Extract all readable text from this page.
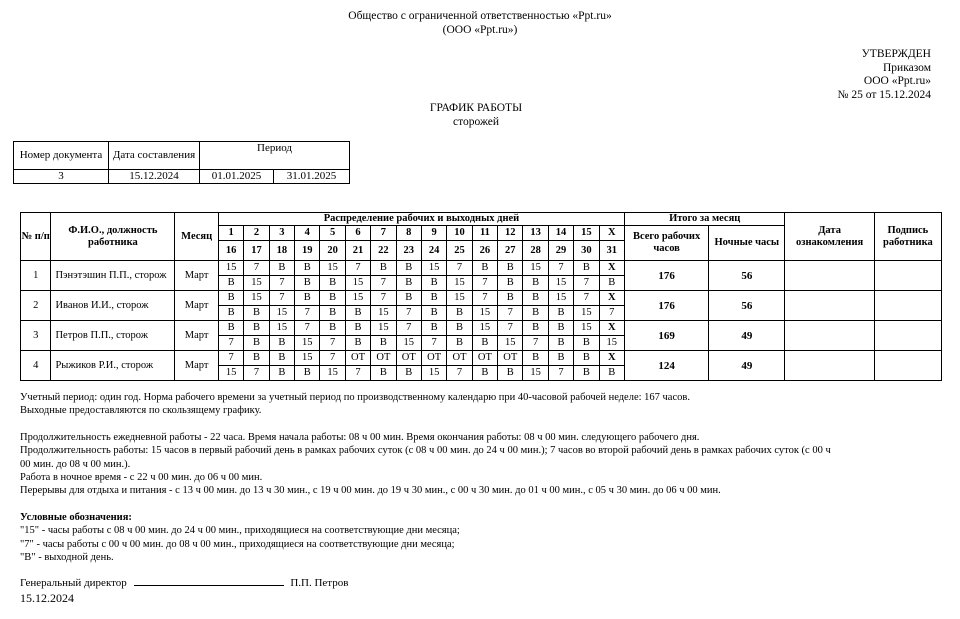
Общество с ограниченной ответственностью «Ppt.ru»
(ООО «Ppt.ru»)
УТВЕРЖДЕН
Приказом
ООО «Ppt.ru»
№ 25 от 15.12.2024
ГРАФИК РАБОТЫ
сторожей
Номер документа	Дата составления	Период	
3	15.12.2024	01.01.2025	31.01.2025
№ п/п	Ф.И.О., должность работника	Месяц	Распределение рабочих и выходных дней																Итого за месяц		Дата ознакомления	Подпись работника
			1	2	3	4	5	6	7	8	9	10	11	12	13	14	15	X	Всего рабочих часов	Ночные часы		
			16	17	18	19	20	21	22	23	24	25	26	27	28	29	30	31				
1	Пэнэтэшин П.П., сторож	Март	15	7	В	В	15	7	В	В	15	7	В	В	15	7	В	X	176	56		
			В	15	7	В	В	15	7	В	В	15	7	В	В	15	7	В				
2	Иванов И.И., сторож	Март	В	15	7	В	В	15	7	В	В	15	7	В	В	15	7	X	176	56		
			В	В	15	7	В	В	15	7	В	В	15	7	В	В	15	7				
3	Петров П.П., сторож	Март	В	В	15	7	В	В	15	7	В	В	15	7	В	В	15	X	169	49		
			7	В	В	15	7	В	В	15	7	В	В	15	7	В	В	15				
4	Рыжиков Р.И., сторож	Март	7	В	В	15	7	ОТ	ОТ	ОТ	ОТ	ОТ	ОТ	ОТ	В	В	В	X	124	49		
			15	7	В	В	15	7	В	В	15	7	В	В	15	7	В	В				
Учетный период: один год. Норма рабочего времени за учетный период по производственному календарю при 40-часовой рабочей неделе: 167 часов.
Выходные предоставляются по скользящему графику.
Продолжительность ежедневной работы - 22 часа. Время начала работы: 08 ч 00 мин. Время окончания работы: 08 ч 00 мин. следующего рабочего дня.
Продолжительность работы: 15 часов в первый рабочий день в рамках рабочих суток (с 08 ч 00 мин. до 24 ч 00 мин.); 7 часов во второй рабочий день в рамках рабочих суток (с 00 ч
00 мин. до 08 ч 00 мин.).
Работа в ночное время - с 22 ч 00 мин. до 06 ч 00 мин.
Перерывы для отдыха и питания - с 13 ч 00 мин. до 13 ч 30 мин., с 19 ч 00 мин. до 19 ч 30 мин., с 00 ч 30 мин. до 01 ч 00 мин., с 05 ч 30 мин. до 06 ч 00 мин.
Условные обозначения:
"15" - часы работы с 08 ч 00 мин. до 24 ч 00 мин., приходящиеся на соответствующие дни месяца;
"7" - часы работы с 00 ч 00 мин. до 08 ч 00 мин., приходящиеся на соответствующие дни месяца;
"В" - выходной день.
Генеральный директор	П.П. Петров
15.12.2024
